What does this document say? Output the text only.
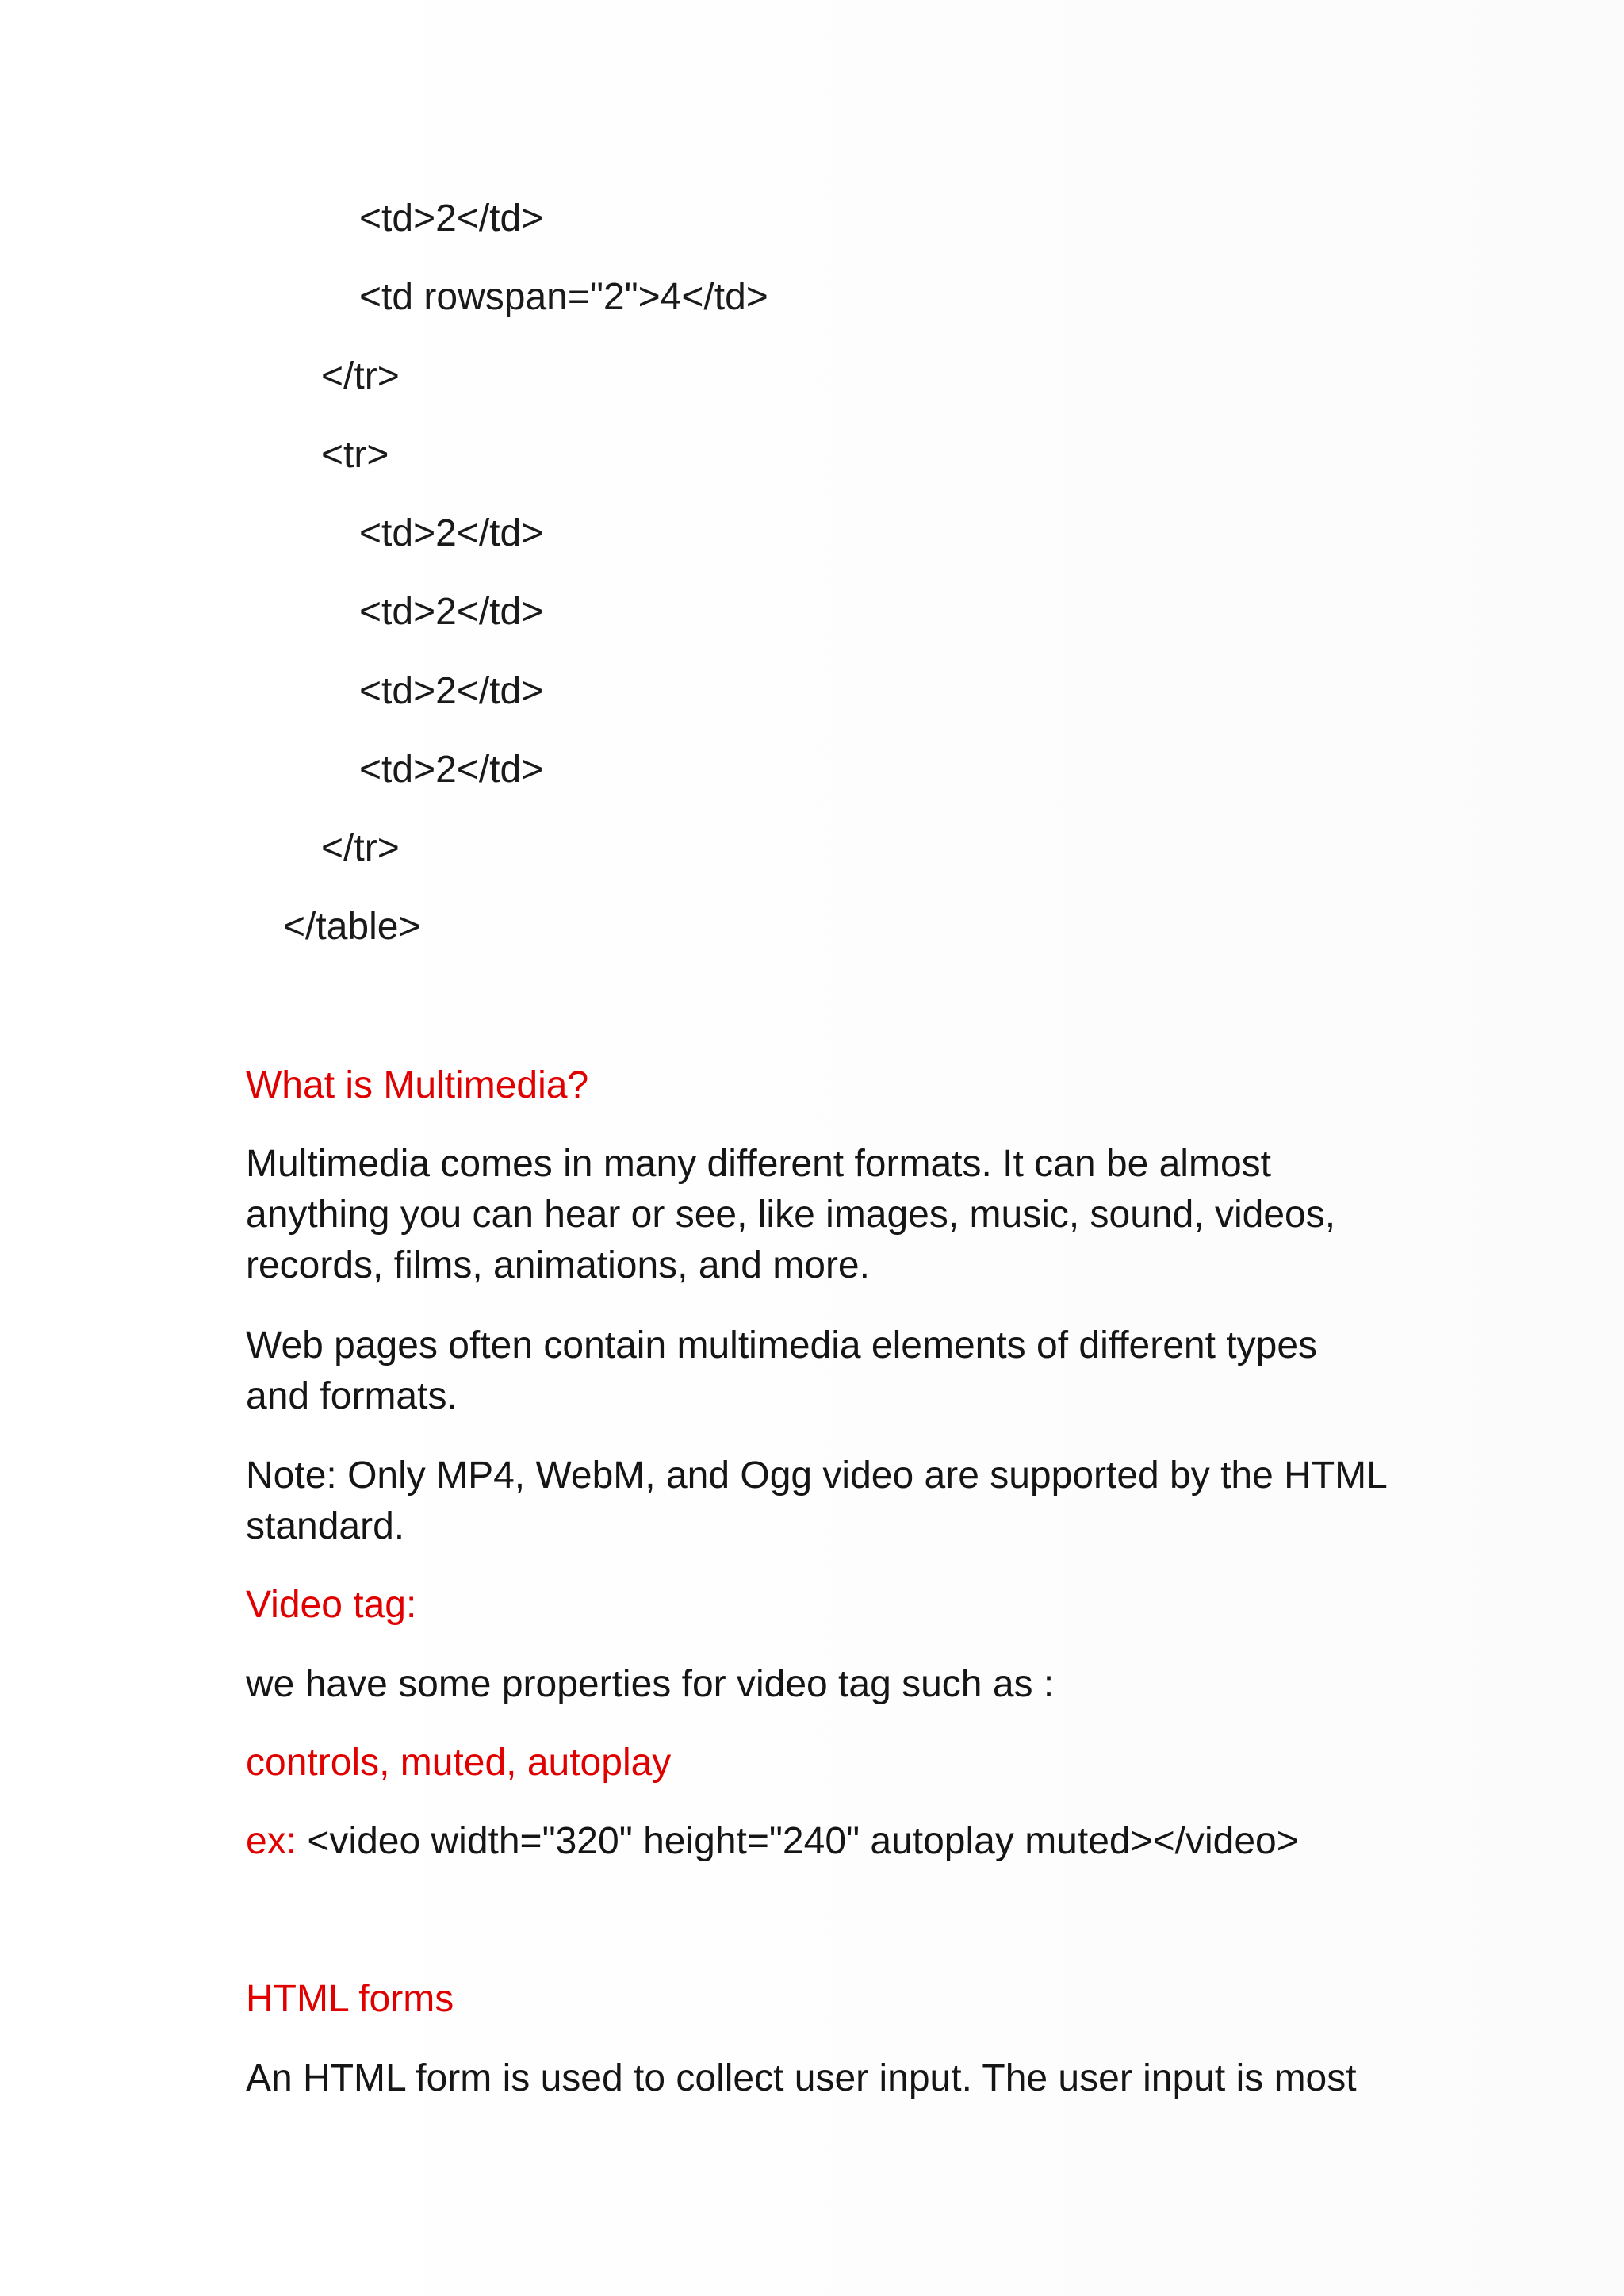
<td>2</td>

<td rowspan="2">4</td>

</tr>

<tr>

<td>2</td>

<td>2</td>

<td>2</td>

<td>2</td>

</tr>

</table>

What is Multimedia?

Multimedia comes in many different formats. It can be almost anything you can hear or see, like images, music, sound, videos, records, films, animations, and more.

Web pages often contain multimedia elements of different types and formats.

Note: Only MP4, WebM, and Ogg video are supported by the HTML standard.

Video tag:

we have some properties for video tag such as :

controls, muted, autoplay

ex: <video width="320" height="240" autoplay muted></video>

HTML forms

An HTML form is used to collect user input. The user input is most
